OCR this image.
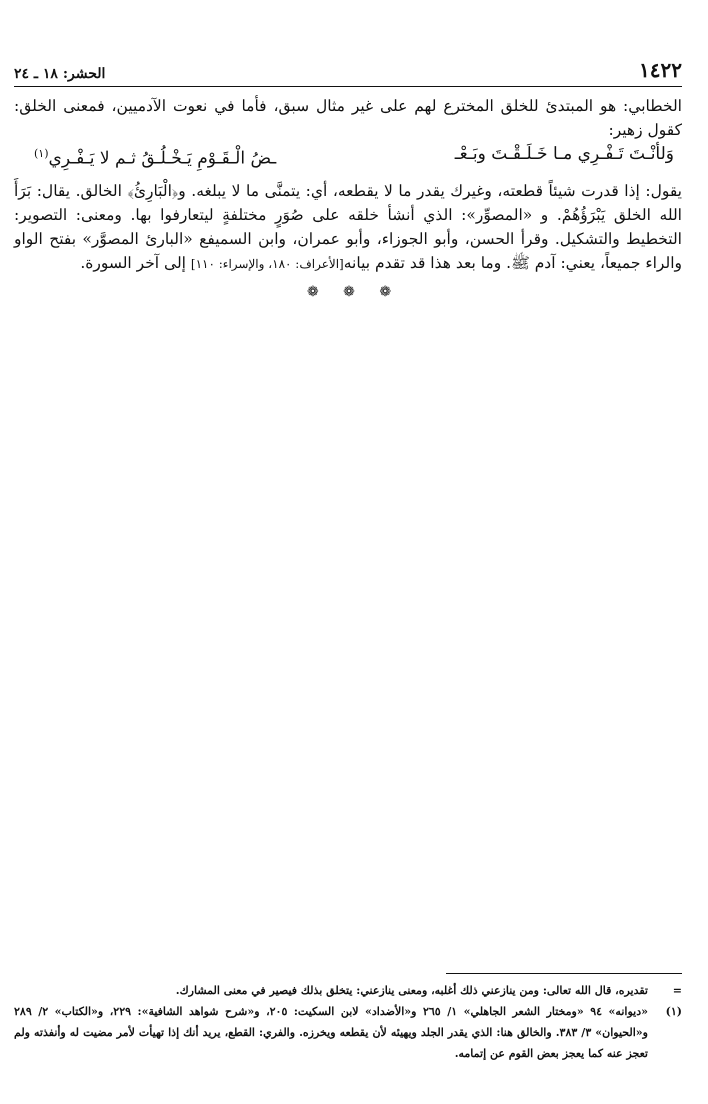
١٤٢٢
الحشر: ١٨ ـ ٢٤

الخطابي: هو المبتدئ للخلق المخترع لهم على غير مثال سبق، فأما في نعوت الآدميين، فمعنى الخلق: كقول زهير:

وَلأنْـتَ تَـفْـرِي مـا خَـلَـقْـتَ وبَـعْـ
ـضُ الْـقَـوْمِ يَـخْـلُـقُ ثـم لا يَـفْـرِي$^{(١)}$

يقول: إذا قدرت شيئاً قطعته، وغيرك يقدر ما لا يقطعه، أي: يتمنَّى ما لا يبلغه. و﴿الْبَارِئُ﴾ الخالق. يقال: بَرَأَ الله الخلق يَبْرَؤُهُمْ. و «المصوِّر»: الذي أنشأ خلقه على صُوَرٍ مختلفةٍ ليتعارفوا بها. ومعنى: التصوير: التخطيط والتشكيل. وقرأ الحسن، وأبو الجوزاء، وأبو عمران، وابن السميفع «البارئ المصوَّر» بفتح الواو والراء جميعاً، يعني: آدم ﷺ. وما بعد هذا قد تقدم بيانه[الأعراف: ١٨٠، والإسراء: ١١٠] إلى آخر السورة.

❁ ❁ ❁
=
تقديره، قال الله تعالى: ومن ينازعني ذلك أغلبه، ومعنى ينازعني: يتخلق بذلك فيصير في معنى المشارك.
(١)
«ديوانه» ٩٤ «ومختار الشعر الجاهلي» ١/ ٢٦٥ و«الأضداد» لابن السكيت: ٢٠٥، و«شرح شواهد الشافية»: ٢٢٩، و«الكتاب» ٢/ ٢٨٩ و«الحيوان» ٣/ ٣٨٣. والخالق هنا: الذي يقدر الجلد ويهيئه لأن يقطعه ويخرزه. والفري: القطع، يريد أنك إذا تهيأت لأمر مضيت له وأنفذته ولم تعجز عنه كما يعجز بعض القوم عن إتمامه.
